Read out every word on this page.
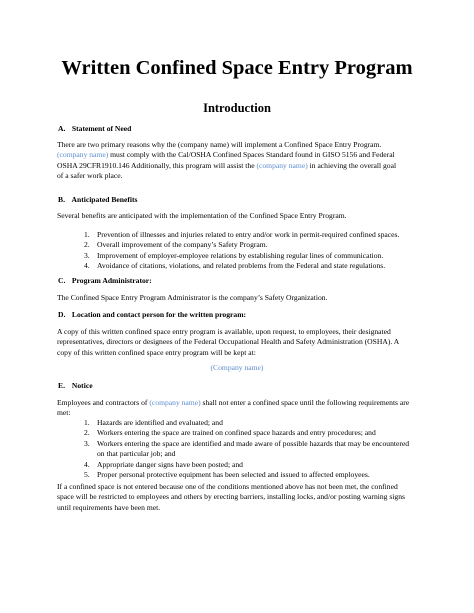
Written Confined Space Entry Program
Introduction
A. Statement of Need
There are two primary reasons why the (company name) will implement a Confined Space Entry Program.
(company name) must comply with the Cal/OSHA Confined Spaces Standard found in GISO 5156 and Federal
OSHA 29CFR1910.146 Additionally, this program will assist the (company name) in achieving the overall goal
of a safer work place.
B. Anticipated Benefits
Several benefits are anticipated with the implementation of the Confined Space Entry Program.
1. Prevention of illnesses and injuries related to entry and/or work in permit-required confined spaces.
2. Overall improvement of the company’s Safety Program.
3. Improvement of employer-employee relations by establishing regular lines of communication.
4. Avoidance of citations, violations, and related problems from the Federal and state regulations.
C. Program Administrator:
The Confined Space Entry Program Administrator is the company’s Safety Organization.
D. Location and contact person for the written program:
A copy of this written confined space entry program is available, upon request, to employees, their designated
representatives, directors or designees of the Federal Occupational Health and Safety Administration (OSHA). A
copy of this written confined space entry program will be kept at:
(Company name)
E. Notice
Employees and contractors of (company name) shall not enter a confined space until the following requirements are
met:
1. Hazards are identified and evaluated; and
2. Workers entering the space are trained on confined space hazards and entry procedures; and
3. Workers entering the space are identified and made aware of possible hazards that may be encountered
on that particular job; and
4. Appropriate danger signs have been posted; and
5. Proper personal protective equipment has been selected and issued to affected employees.
If a confined space is not entered because one of the conditions mentioned above has not been met, the confined
space will be restricted to employees and others by erecting barriers, installing locks, and/or posting warning signs
until requirements have been met.
